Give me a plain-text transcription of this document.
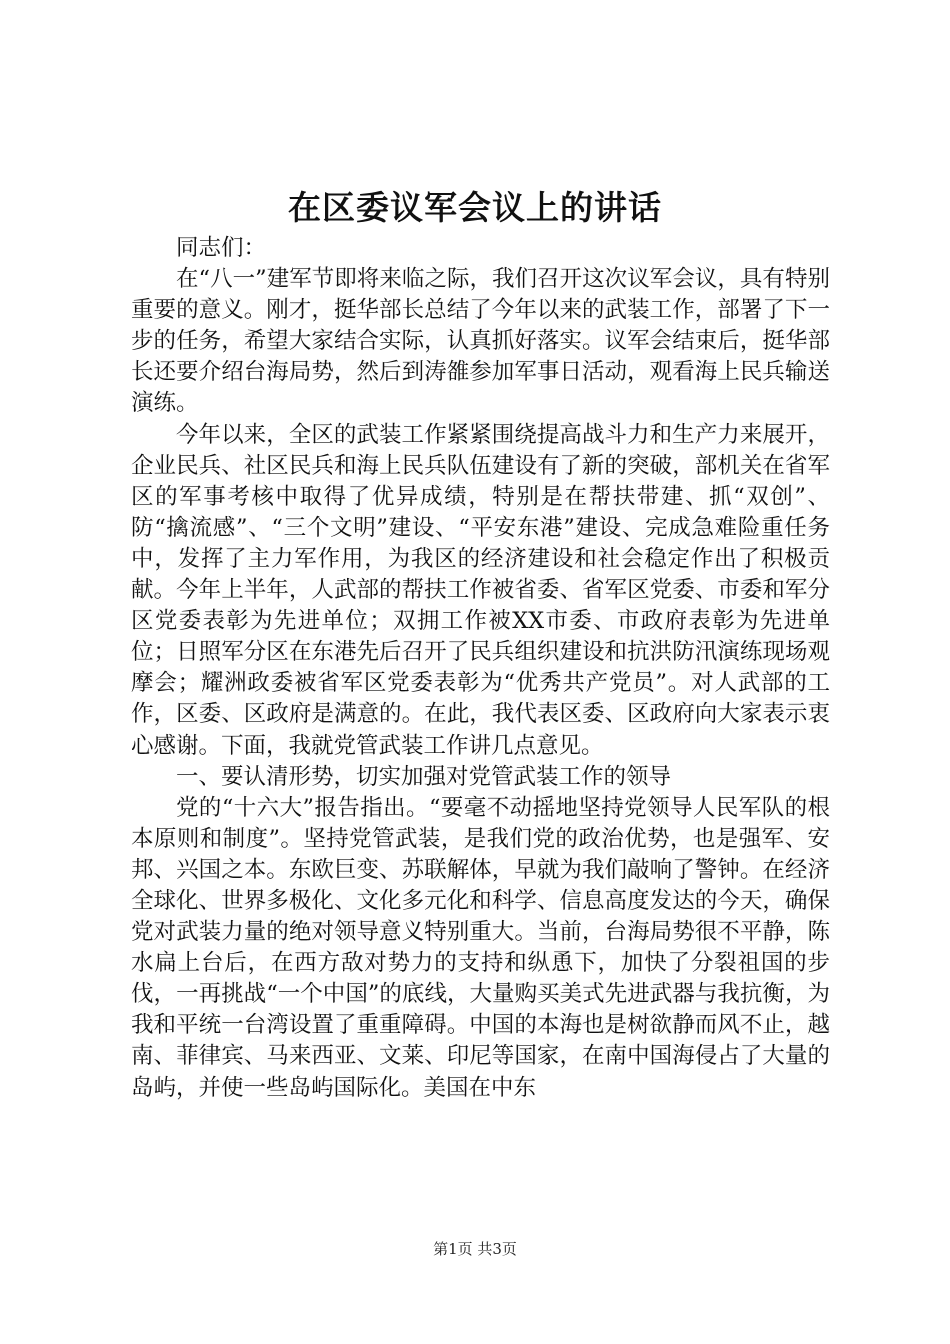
在区委议军会议上的讲话

同志们：

在“八一”建军节即将来临之际，我们召开这次议军会议，具有特别重要的意义。刚才，挺华部长总结了今年以来的武装工作，部署了下一步的任务，希望大家结合实际，认真抓好落实。议军会结束后，挺华部长还要介绍台海局势，然后到涛雒参加军事日活动，观看海上民兵输送演练。

今年以来，全区的武装工作紧紧围绕提高战斗力和生产力来展开，企业民兵、社区民兵和海上民兵队伍建设有了新的突破，部机关在省军区的军事考核中取得了优异成绩，特别是在帮扶带建、抓“双创”、防“擒流感”、“三个文明”建设、“平安东港”建设、完成急难险重任务中，发挥了主力军作用，为我区的经济建设和社会稳定作出了积极贡献。今年上半年，人武部的帮扶工作被省委、省军区党委、市委和军分区党委表彰为先进单位；双拥工作被XX市委、市政府表彰为先进单位；日照军分区在东港先后召开了民兵组织建设和抗洪防汛演练现场观摩会；耀洲政委被省军区党委表彰为“优秀共产党员”。对人武部的工作，区委、区政府是满意的。在此，我代表区委、区政府向大家表示衷心感谢。下面，我就党管武装工作讲几点意见。

一、要认清形势，切实加强对党管武装工作的领导

党的“十六大”报告指出。“要毫不动摇地坚持党领导人民军队的根本原则和制度”。坚持党管武装，是我们党的政治优势，也是强军、安邦、兴国之本。东欧巨变、苏联解体，早就为我们敲响了警钟。在经济全球化、世界多极化、文化多元化和科学、信息高度发达的今天，确保党对武装力量的绝对领导意义特别重大。当前，台海局势很不平静，陈水扁上台后，在西方敌对势力的支持和纵恿下，加快了分裂祖国的步伐，一再挑战“一个中国”的底线，大量购买美式先进武器与我抗衡，为我和平统一台湾设置了重重障碍。中国的本海也是树欲静而风不止，越南、菲律宾、马来西亚、文莱、印尼等国家，在南中国海侵占了大量的岛屿，并使一些岛屿国际化。美国在中东

第1页 共3页
